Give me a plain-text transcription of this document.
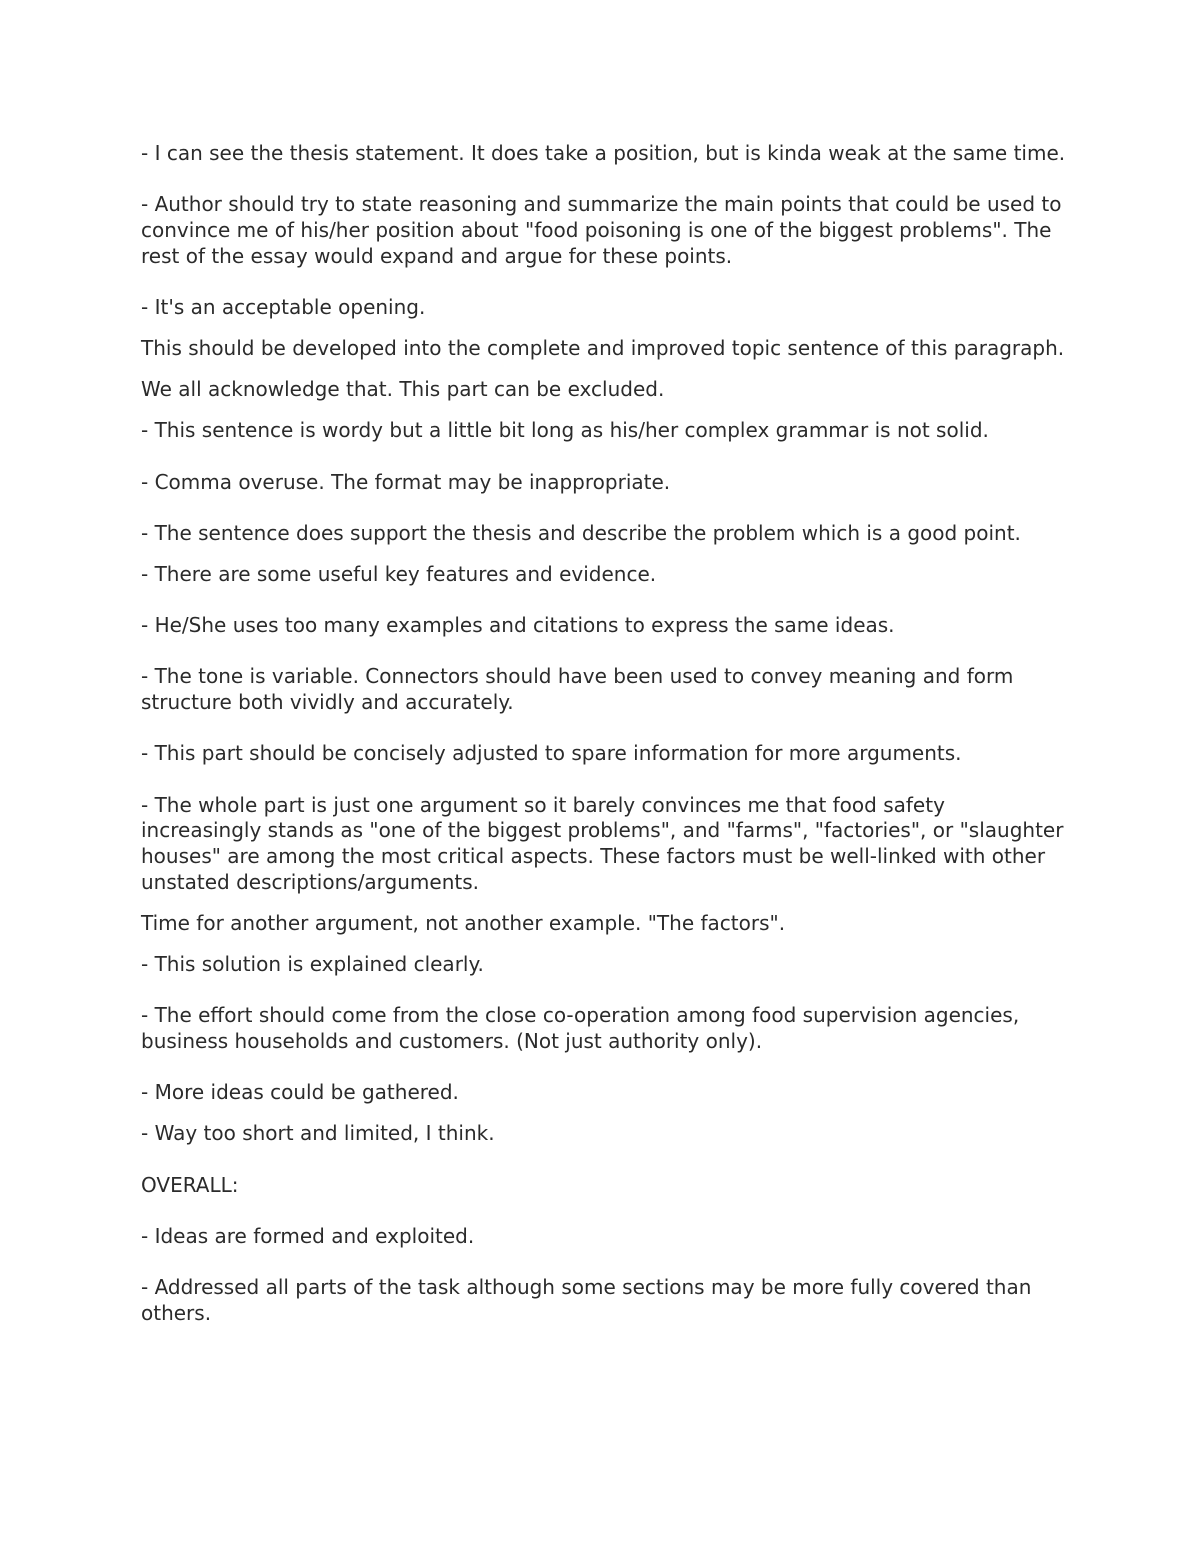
- I can see the thesis statement. It does take a position, but is kinda weak at the same time.

- Author should try to state reasoning and summarize the main points that could be used to convince me of his/her position about "food poisoning is one of the biggest problems". The rest of the essay would expand and argue for these points.

- It's an acceptable opening.

This should be developed into the complete and improved topic sentence of this paragraph.

We all acknowledge that. This part can be excluded.

- This sentence is wordy but a little bit long as his/her complex grammar is not solid.

- Comma overuse. The format may be inappropriate.

- The sentence does support the thesis and describe the problem which is a good point.

- There are some useful key features and evidence.

- He/She uses too many examples and citations to express the same ideas.

- The tone is variable. Connectors should have been used to convey meaning and form structure both vividly and accurately.

- This part should be concisely adjusted to spare information for more arguments.

- The whole part is just one argument so it barely convinces me that food safety increasingly stands as "one of the biggest problems", and "farms", "factories", or "slaughter houses" are among the most critical aspects. These factors must be well-linked with other unstated descriptions/arguments.

Time for another argument, not another example. "The factors".

- This solution is explained clearly.

- The effort should come from the close co-operation among food supervision agencies, business households and customers. (Not just authority only).

- More ideas could be gathered.

- Way too short and limited, I think.

OVERALL:

- Ideas are formed and exploited.

- Addressed all parts of the task although some sections may be more fully covered than others.
